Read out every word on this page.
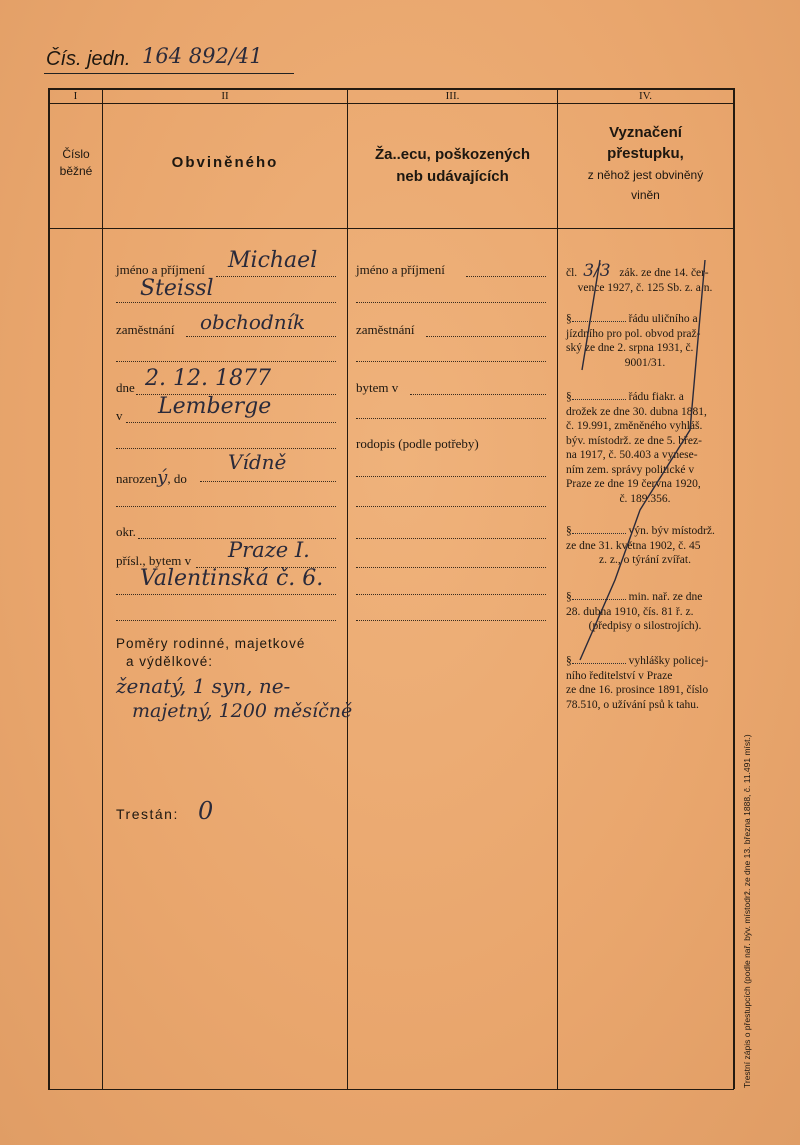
Čís. jedn. 164 892/41
I	II	III.	IV.
Číslo
běžné	Obviněného	Ža..ecu, poškozených
neb udávajících
Vyznačení
přestupku,
z něhož jest obviněný
viněn
jméno a příjmení Michael
Steissl
zaměstnání obchodník
dne 2. 12. 1877
v Lemberge
narozený, do
Vídně
okr.
přísl., bytem v Praze I.
Valentinská č. 6.
Poměry rodinné, majetkové
a výdělkové:
ženatý, 1 syn, ne-
majetný, 1200 měsíčně
Trestán: 0
jméno a příjmení
zaměstnání
bytem v
rodopis (podle potřeby)
čl. 3/3 zák. ze dne 14. čer-
vence 1927, č. 125 Sb. z. a n.
§	řádu uličního a
jízdního pro pol. obvod praž-
ský ze dne 2. srpna 1931, č.
9001/31.
§	řádu fiakr. a
drožek ze dne 30. dubna 1881,
č. 19.991, změněného vyhláš.
býv. místodrž. ze dne 5. břez-
na 1917, č. 50.403 a vynese-
ním zem. správy politické v
Praze ze dne 19 června 1920,
č. 189.356.
§	výn. býv místodrž.
ze dne 31. května 1902, č. 45
z. z., o týrání zvířat.
§	min. nař. ze dne
28. dubna 1910, čís. 81 ř. z.
(předpisy o silostrojích).
§	vyhlášky policej-
ního ředitelství v Praze
ze dne 16. prosince 1891, číslo
78.510, o užívání psů k tahu.
Trestní zápis o přestupcích (podle nař. býv. místodrž. ze dne 13. března 1888, č. 11.491 míst.)
